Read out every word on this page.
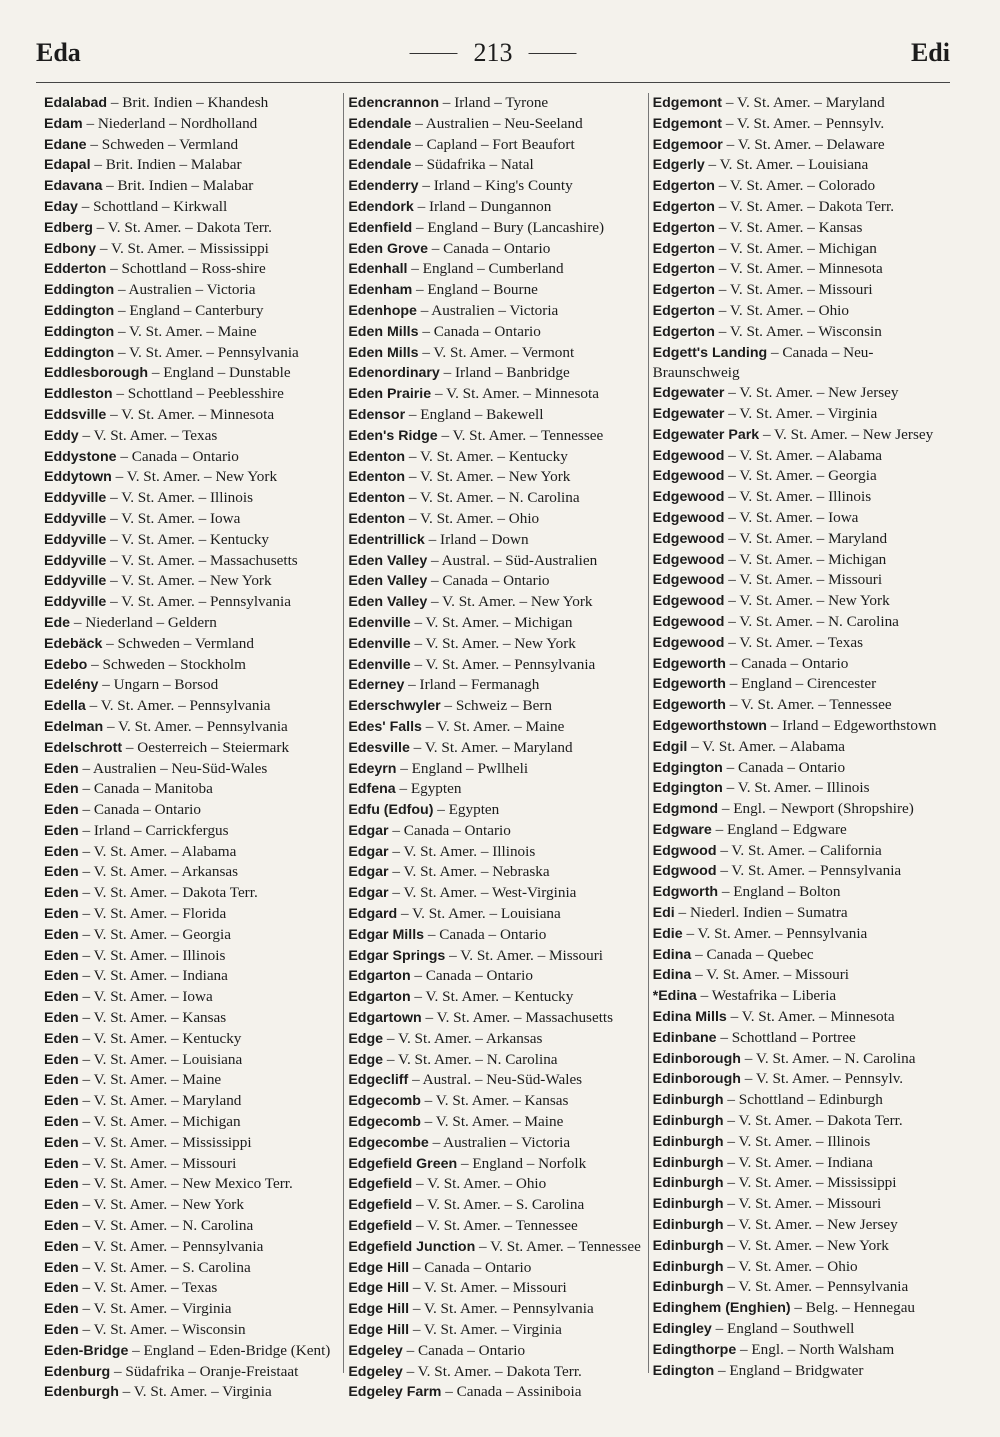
Eda	213	Edi
Edalabad – Brit. Indien – Khandesh
Edam – Niederland – Nordholland
Edane – Schweden – Vermland
Edapal – Brit. Indien – Malabar
Edavana – Brit. Indien – Malabar
Eday – Schottland – Kirkwall
Edberg – V. St. Amer. – Dakota Terr.
Edbony – V. St. Amer. – Mississippi
Edderton – Schottland – Ross-shire
Eddington – Australien – Victoria
Eddington – England – Canterbury
Eddington – V. St. Amer. – Maine
Eddington – V. St. Amer. – Pennsylvania
Eddlesborough – England – Dunstable
Eddleston – Schottland – Peeblesshire
Eddsville – V. St. Amer. – Minnesota
Eddy – V. St. Amer. – Texas
Eddystone – Canada – Ontario
Eddytown – V. St. Amer. – New York
Eddyville – V. St. Amer. – Illinois
Eddyville – V. St. Amer. – Iowa
Eddyville – V. St. Amer. – Kentucky
Eddyville – V. St. Amer. – Massachusetts
Eddyville – V. St. Amer. – New York
Eddyville – V. St. Amer. – Pennsylvania
Ede – Niederland – Geldern
Edebäck – Schweden – Vermland
Edebo – Schweden – Stockholm
Edelény – Ungarn – Borsod
Edella – V. St. Amer. – Pennsylvania
Edelman – V. St. Amer. – Pennsylvania
Edelschrott – Oesterreich – Steiermark
Eden – Australien – Neu-Süd-Wales
Eden – Canada – Manitoba
Eden – Canada – Ontario
Eden – Irland – Carrickfergus
Eden – V. St. Amer. – Alabama
Eden – V. St. Amer. – Arkansas
Eden – V. St. Amer. – Dakota Terr.
Eden – V. St. Amer. – Florida
Eden – V. St. Amer. – Georgia
Eden – V. St. Amer. – Illinois
Eden – V. St. Amer. – Indiana
Eden – V. St. Amer. – Iowa
Eden – V. St. Amer. – Kansas
Eden – V. St. Amer. – Kentucky
Eden – V. St. Amer. – Louisiana
Eden – V. St. Amer. – Maine
Eden – V. St. Amer. – Maryland
Eden – V. St. Amer. – Michigan
Eden – V. St. Amer. – Mississippi
Eden – V. St. Amer. – Missouri
Eden – V. St. Amer. – New Mexico Terr.
Eden – V. St. Amer. – New York
Eden – V. St. Amer. – N. Carolina
Eden – V. St. Amer. – Pennsylvania
Eden – V. St. Amer. – S. Carolina
Eden – V. St. Amer. – Texas
Eden – V. St. Amer. – Virginia
Eden – V. St. Amer. – Wisconsin
Eden-Bridge – England – Eden-Bridge (Kent)
Edenburg – Südafrika – Oranje-Freistaat
Edenburgh – V. St. Amer. – Virginia
Edencrannon – Irland – Tyrone
Edendale – Australien – Neu-Seeland
Edendale – Capland – Fort Beaufort
Edendale – Südafrika – Natal
Edenderry – Irland – King's County
Edendork – Irland – Dungannon
Edenfield – England – Bury (Lancashire)
Eden Grove – Canada – Ontario
Edenhall – England – Cumberland
Edenham – England – Bourne
Edenhope – Australien – Victoria
Eden Mills – Canada – Ontario
Eden Mills – V. St. Amer. – Vermont
Edenordinary – Irland – Banbridge
Eden Prairie – V. St. Amer. – Minnesota
Edensor – England – Bakewell
Eden's Ridge – V. St. Amer. – Tennessee
Edenton – V. St. Amer. – Kentucky
Edenton – V. St. Amer. – New York
Edenton – V. St. Amer. – N. Carolina
Edenton – V. St. Amer. – Ohio
Edentrillick – Irland – Down
Eden Valley – Austral. – Süd-Australien
Eden Valley – Canada – Ontario
Eden Valley – V. St. Amer. – New York
Edenville – V. St. Amer. – Michigan
Edenville – V. St. Amer. – New York
Edenville – V. St. Amer. – Pennsylvania
Ederney – Irland – Fermanagh
Ederschwyler – Schweiz – Bern
Edes' Falls – V. St. Amer. – Maine
Edesville – V. St. Amer. – Maryland
Edeyrn – England – Pwllheli
Edfena – Egypten
Edfu (Edfou) – Egypten
Edgar – Canada – Ontario
Edgar – V. St. Amer. – Illinois
Edgar – V. St. Amer. – Nebraska
Edgar – V. St. Amer. – West-Virginia
Edgard – V. St. Amer. – Louisiana
Edgar Mills – Canada – Ontario
Edgar Springs – V. St. Amer. – Missouri
Edgarton – Canada – Ontario
Edgarton – V. St. Amer. – Kentucky
Edgartown – V. St. Amer. – Massachusetts
Edge – V. St. Amer. – Arkansas
Edge – V. St. Amer. – N. Carolina
Edgecliff – Austral. – Neu-Süd-Wales
Edgecomb – V. St. Amer. – Kansas
Edgecomb – V. St. Amer. – Maine
Edgecombe – Australien – Victoria
Edgefield Green – England – Norfolk
Edgefield – V. St. Amer. – Ohio
Edgefield – V. St. Amer. – S. Carolina
Edgefield – V. St. Amer. – Tennessee
Edgefield Junction – V. St. Amer. – Tennessee
Edge Hill – Canada – Ontario
Edge Hill – V. St. Amer. – Missouri
Edge Hill – V. St. Amer. – Pennsylvania
Edge Hill – V. St. Amer. – Virginia
Edgeley – Canada – Ontario
Edgeley – V. St. Amer. – Dakota Terr.
Edgeley Farm – Canada – Assiniboia
Edgemont – V. St. Amer. – Maryland
Edgemont – V. St. Amer. – Pennsylv.
Edgemoor – V. St. Amer. – Delaware
Edgerly – V. St. Amer. – Louisiana
Edgerton – V. St. Amer. – Colorado
Edgerton – V. St. Amer. – Dakota Terr.
Edgerton – V. St. Amer. – Kansas
Edgerton – V. St. Amer. – Michigan
Edgerton – V. St. Amer. – Minnesota
Edgerton – V. St. Amer. – Missouri
Edgerton – V. St. Amer. – Ohio
Edgerton – V. St. Amer. – Wisconsin
Edgett's Landing – Canada – Neu-Braunschweig
Edgewater – V. St. Amer. – New Jersey
Edgewater – V. St. Amer. – Virginia
Edgewater Park – V. St. Amer. – New Jersey
Edgewood – V. St. Amer. – Alabama
Edgewood – V. St. Amer. – Georgia
Edgewood – V. St. Amer. – Illinois
Edgewood – V. St. Amer. – Iowa
Edgewood – V. St. Amer. – Maryland
Edgewood – V. St. Amer. – Michigan
Edgewood – V. St. Amer. – Missouri
Edgewood – V. St. Amer. – New York
Edgewood – V. St. Amer. – N. Carolina
Edgewood – V. St. Amer. – Texas
Edgeworth – Canada – Ontario
Edgeworth – England – Cirencester
Edgeworth – V. St. Amer. – Tennessee
Edgeworthstown – Irland – Edgeworthstown
Edgil – V. St. Amer. – Alabama
Edgington – Canada – Ontario
Edgington – V. St. Amer. – Illinois
Edgmond – Engl. – Newport (Shropshire)
Edgware – England – Edgware
Edgwood – V. St. Amer. – California
Edgwood – V. St. Amer. – Pennsylvania
Edgworth – England – Bolton
Edi – Niederl. Indien – Sumatra
Edie – V. St. Amer. – Pennsylvania
Edina – Canada – Quebec
Edina – V. St. Amer. – Missouri
*Edina – Westafrika – Liberia
Edina Mills – V. St. Amer. – Minnesota
Edinbane – Schottland – Portree
Edinborough – V. St. Amer. – N. Carolina
Edinborough – V. St. Amer. – Pennsylv.
Edinburgh – Schottland – Edinburgh
Edinburgh – V. St. Amer. – Dakota Terr.
Edinburgh – V. St. Amer. – Illinois
Edinburgh – V. St. Amer. – Indiana
Edinburgh – V. St. Amer. – Mississippi
Edinburgh – V. St. Amer. – Missouri
Edinburgh – V. St. Amer. – New Jersey
Edinburgh – V. St. Amer. – New York
Edinburgh – V. St. Amer. – Ohio
Edinburgh – V. St. Amer. – Pennsylvania
Edinghem (Enghien) – Belg. – Hennegau
Edingley – England – Southwell
Edingthorpe – Engl. – North Walsham
Edington – England – Bridgwater
